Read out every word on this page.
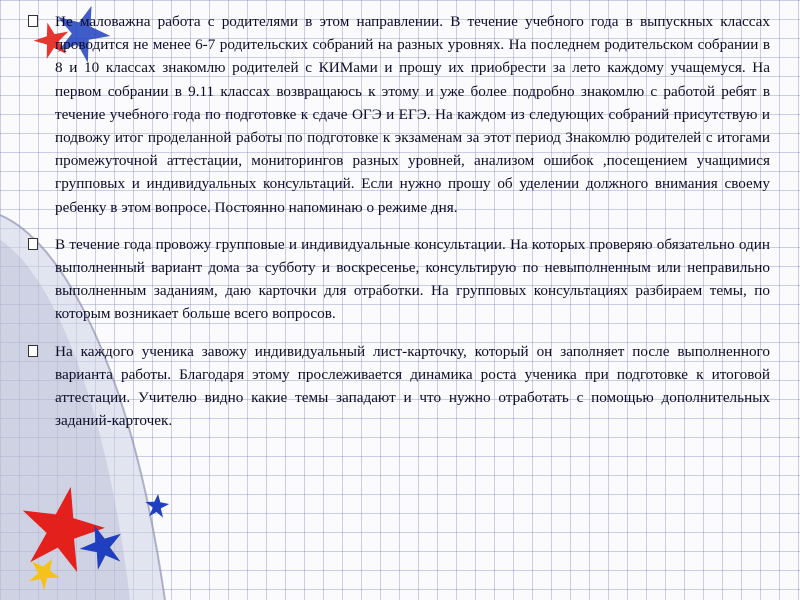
Не маловажна работа с родителями в этом направлении. В течение учебного года в выпускных классах проводится не менее 6-7 родительских собраний на разных уровнях. На последнем родительском собрании в 8 и 10 классах знакомлю родителей с КИМами и прошу их приобрести за лето каждому учащемуся. На первом собрании в 9.11 классах возвращаюсь к этому и уже более подробно знакомлю с работой ребят в течение учебного года по подготовке к сдаче ОГЭ и ЕГЭ. На каждом из следующих собраний присутствую и подвожу итог проделанной работы по подготовке к экзаменам за этот период Знакомлю родителей с итогами промежуточной аттестации, мониторингов разных уровней, анализом ошибок ,посещением учащимися групповых и индивидуальных консультаций. Если нужно прошу об уделении должного внимания своему ребенку в этом вопросе. Постоянно напоминаю о режиме дня.
В течение года провожу групповые и индивидуальные консультации. На которых проверяю обязательно один выполненный вариант дома за субботу и воскресенье, консультирую по невыполненным или неправильно выполненным заданиям, даю карточки для отработки. На групповых консультациях разбираем темы, по которым возникает больше всего вопросов.
На каждого ученика завожу индивидуальный лист-карточку, который он заполняет после выполненного варианта работы. Благодаря этому прослеживается динамика роста ученика при подготовке к итоговой аттестации. Учителю видно какие темы западают и что нужно отработать с помощью дополнительных заданий-карточек.
